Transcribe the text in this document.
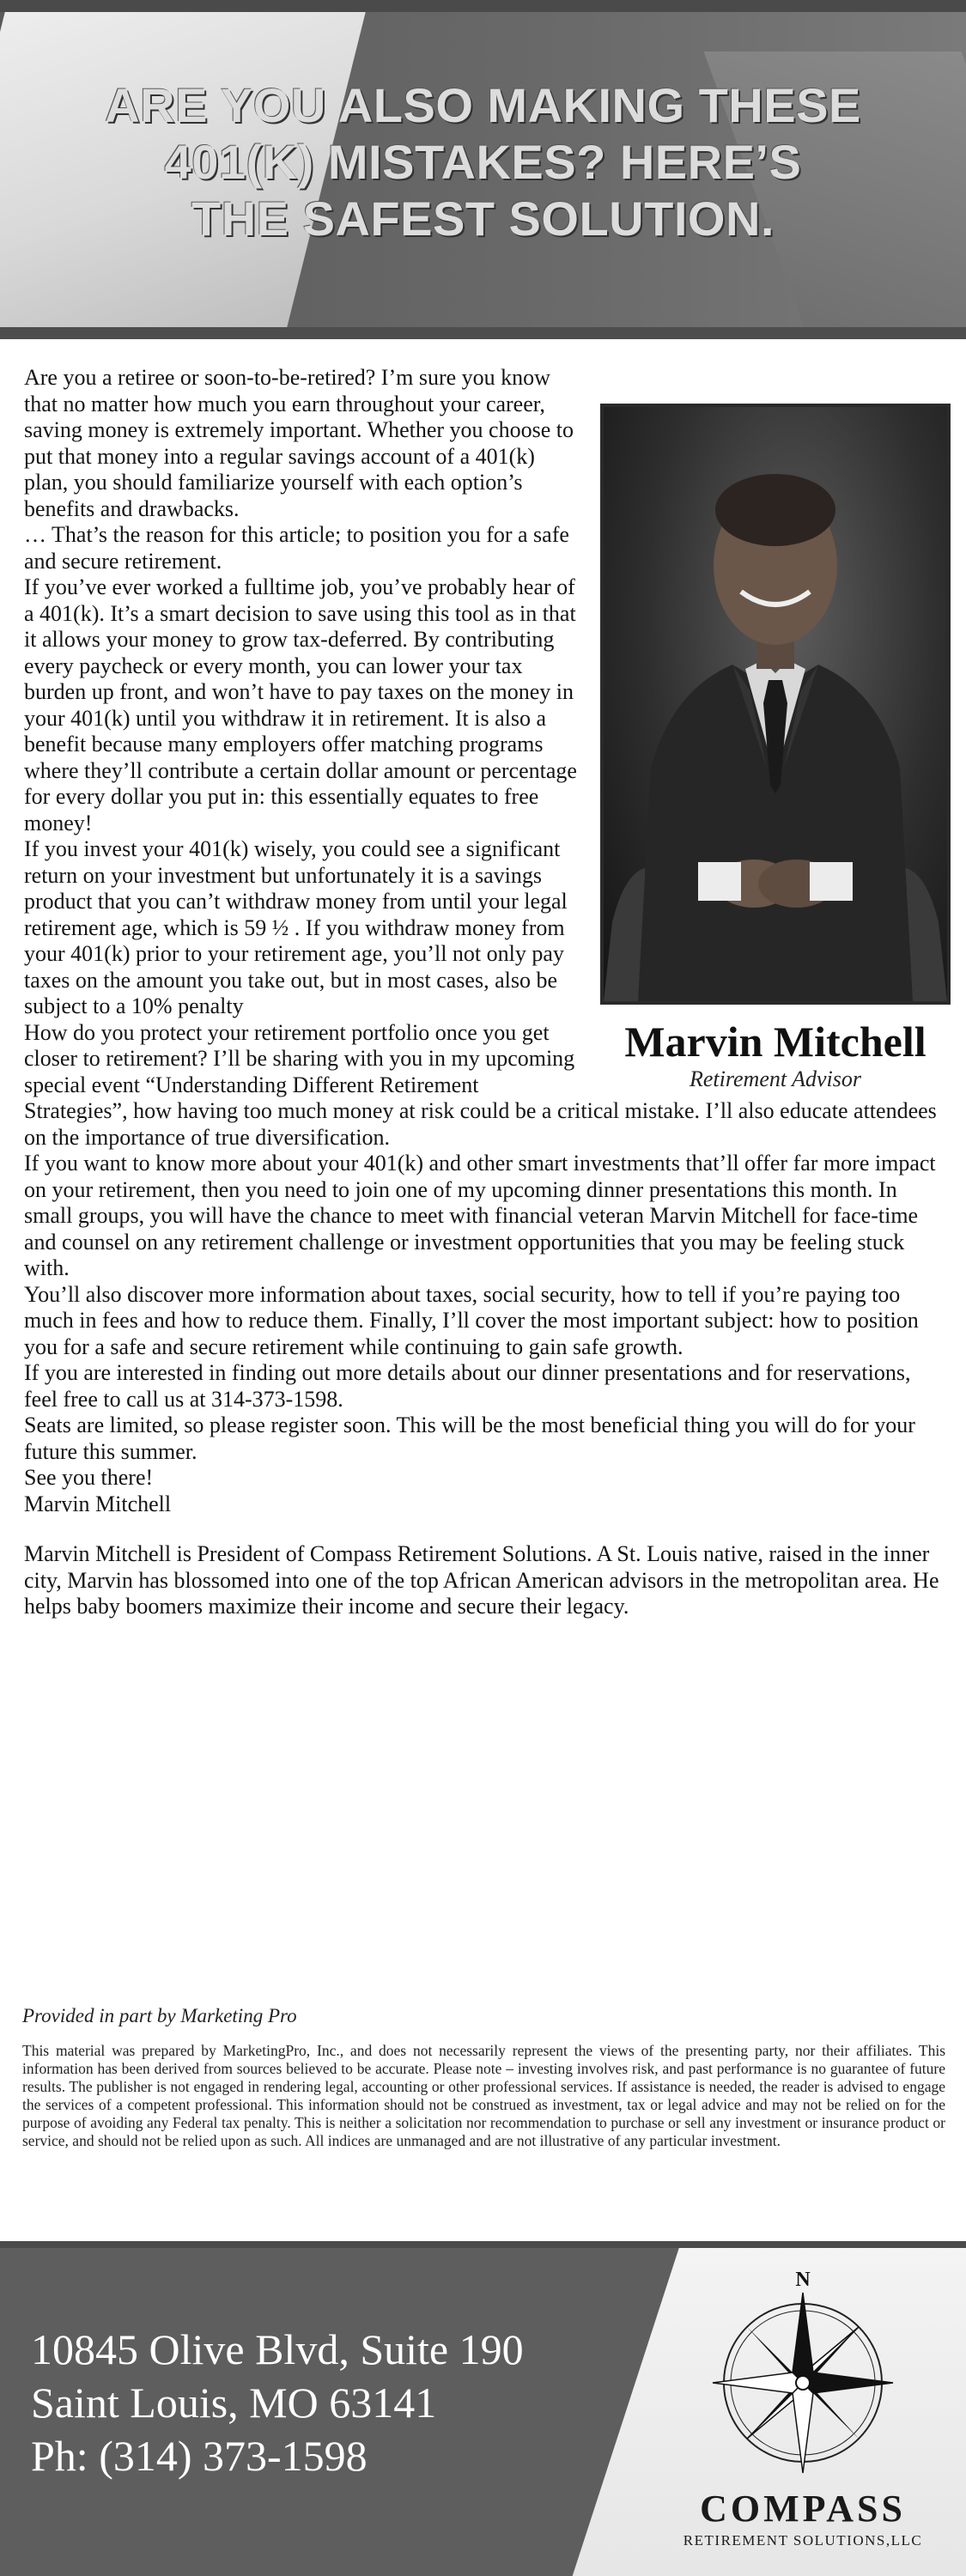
ARE YOU ALSO MAKING THESE
401(K) MISTAKES? HERE’S
THE SAFEST SOLUTION.
Marvin Mitchell
Retirement Advisor

Are you a retiree or soon-to-be-retired? I’m sure you know that no matter how much you earn throughout your career, saving money is extremely important. Whether you choose to put that money into a regular savings account of a 401(k) plan, you should familiarize yourself with each option’s benefits and drawbacks.

… That’s the reason for this article; to position you for a safe and secure retirement.

If you’ve ever worked a fulltime job, you’ve probably hear of a 401(k). It’s a smart decision to save using this tool as in that it allows your money to grow tax-deferred. By contributing every paycheck or every month, you can lower your tax burden up front, and won’t have to pay taxes on the money in your 401(k) until you withdraw it in retirement. It is also a benefit because many employers offer matching programs where they’ll contribute a certain dollar amount or percentage for every dollar you put in: this essentially equates to free money!

If you invest your 401(k) wisely, you could see a significant return on your investment but unfortunately it is a savings product that you can’t withdraw money from until your legal retirement age, which is 59 ½ . If you withdraw money from your 401(k) prior to your retirement age, you’ll not only pay taxes on the amount you take out, but in most cases, also be subject to a 10% penalty

How do you protect your retirement portfolio once you get closer to retirement? I’ll be sharing with you in my upcoming special event “Understanding Different Retirement Strategies”, how having too much money at risk could be a critical mistake. I’ll also educate attendees on the importance of true diversification.

If you want to know more about your 401(k) and other smart investments that’ll offer far more impact on your retirement, then you need to join one of my upcoming dinner presentations this month. In small groups, you will have the chance to meet with financial veteran Marvin Mitchell for face-time and counsel on any retirement challenge or investment opportunities that you may be feeling stuck with.

You’ll also discover more information about taxes, social security, how to tell if you’re paying too much in fees and how to reduce them. Finally, I’ll cover the most important subject: how to position you for a safe and secure retirement while continuing to gain safe growth.

If you are interested in finding out more details about our dinner presentations and for reservations, feel free to call us at 314-373-1598.

Seats are limited, so please register soon. This will be the most beneficial thing you will do for your future this summer.

See you there!

Marvin Mitchell

Marvin Mitchell is President of Compass Retirement Solutions. A St. Louis native, raised in the inner city, Marvin has blossomed into one of the top African American advisors in the metropolitan area. He helps baby boomers maximize their income and secure their legacy.

Provided in part by Marketing Pro
This material was prepared by MarketingPro, Inc., and does not necessarily represent the views of the presenting party, nor their affiliates. This information has been derived from sources believed to be accurate. Please note – investing involves risk, and past performance is no guarantee of future results. The publisher is not engaged in rendering legal, accounting or other professional services. If assistance is needed, the reader is advised to engage the services of a competent professional. This information should not be construed as investment, tax or legal advice and may not be relied on for the purpose of avoiding any Federal tax penalty. This is neither a solicitation nor recommendation to purchase or sell any investment or insurance product or service, and should not be relied upon as such. All indices are unmanaged and are not illustrative of any particular investment.
10845 Olive Blvd, Suite 190
Saint Louis, MO 63141
Ph: (314) 373-1598
N
COMPASS
RETIREMENT SOLUTIONS,LLC
